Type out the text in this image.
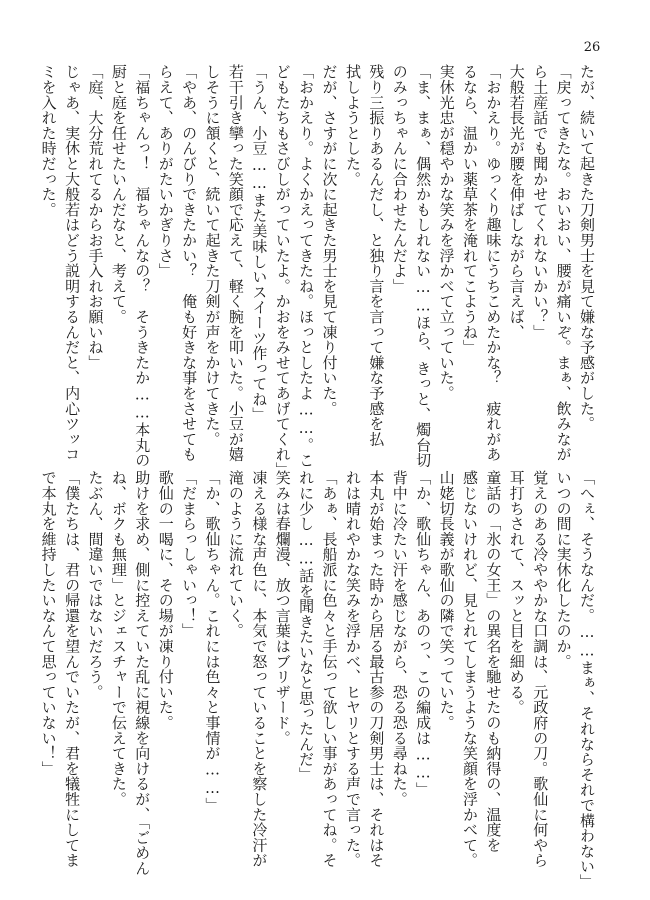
26
たが、続いて起きた刀剣男士を見て嫌な予感がした。
「戻ってきたな。おいおい、腰が痛いぞ。まぁ、飲みなが
ら土産話でも聞かせてくれないかい？」
大般若長光が腰を伸ばしながら言えば、
「おかえり。ゆっくり趣味にうちこめたかな？　疲れがあ
るなら、温かい薬草茶を淹れてこようね」
実休光忠が穏やかな笑みを浮かべて立っていた。
「ま、まぁ、偶然かもしれない……ほら、きっと、燭台切
のみっちゃんに合わせたんだよ」
残り三振りあるんだし、と独り言を言って嫌な予感を払
拭しようとした。
だが、さすがに次に起きた男士を見て凍り付いた。
「おかえり。よくかえってきたね。ほっとしたよ……。こ
どもたちもさびしがっていたよ。かおをみせてあげてくれ」
「うん、小豆……また美味しいスイーツ作ってね」
若干引き攣った笑顔で応えて、軽く腕を叩いた。小豆が嬉
しそうに頷くと、続いて起きた刀剣が声をかけてきた。
「やあ、のんびりできたかい？　俺も好きな事をさせても
らえて、ありがたいかぎりさ」
「福ちゃんっ！　福ちゃんなの？　そうきたか……本丸の
厨と庭を任せたいんだなと、考えて。
「庭、大分荒れてるからお手入れお願いね」
じゃあ、実休と大般若はどう説明するんだと、内心ツッコ
ミを入れた時だった。
「へぇ、そうなんだ。……まぁ、それならそれで構わない」
いつの間に実休化したのか。
覚えのある冷ややかな口調は、元政府の刀。歌仙に何やら
耳打ちされて、スッと目を細める。
童話の「氷の女王」の異名を馳せたのも納得の、温度を
感じないけれど、見とれてしまうような笑顔を浮かべて。
山姥切長義が歌仙の隣で笑っていた。
「か、歌仙ちゃん、あのっ、この編成は……」
背中に冷たい汗を感じながら、恐る恐る尋ねた。
本丸が始まった時から居る最古参の刀剣男士は、それはそ
れは晴れやかな笑みを浮かべ、ヒヤリとする声で言った。
「あぁ、長船派に色々と手伝って欲しい事があってね。そ
れに少し……話を聞きたいなと思ったんだ」
笑みは春爛漫、放つ言葉はブリザード。
凍える様な声色に、本気で怒っていることを察した冷汗が
滝のように流れていく。
「か、歌仙ちゃん。これには色々と事情が……」
「だまらっしゃいっ！」
歌仙の一喝に、その場が凍り付いた。
助けを求め、側に控えていた乱に視線を向けるが、「ごめん
ね、ボクも無理」とジェスチャーで伝えてきた。
たぶん、間違いではないだろう。
「僕たちは、君の帰還を望んでいたが、君を犠牲にしてま
で本丸を維持したいなんて思っていない！」
